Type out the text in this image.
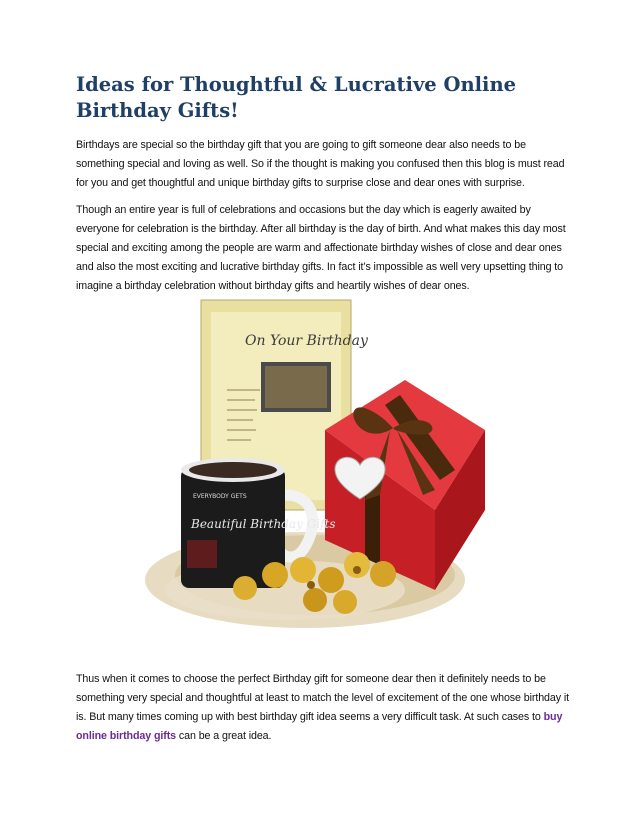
Ideas for Thoughtful & Lucrative Online Birthday Gifts!

Birthdays are special so the birthday gift that you are going to gift someone dear also needs to be something special and loving as well. So if the thought is making you confused then this blog is must read for you and get thoughtful and unique birthday gifts to surprise close and dear ones with surprise.

Though an entire year is full of celebrations and occasions but the day which is eagerly awaited by everyone for celebration is the birthday. After all birthday is the day of birth. And what makes this day most special and exciting among the people are warm and affectionate birthday wishes of close and dear ones and also the most exciting and lucrative birthday gifts. In fact it’s impossible as well very upsetting thing to imagine a birthday celebration without birthday gifts and heartily wishes of dear ones.

On Your Birthday
EVERYBODY GETS
Beautiful Birthday Gifts

Thus when it comes to choose the perfect Birthday gift for someone dear then it definitely needs to be something very special and thoughtful at least to match the level of excitement of the one whose birthday it is. But many times coming up with best birthday gift idea seems a very difficult task. At such cases to buy online birthday gifts can be a great idea.
